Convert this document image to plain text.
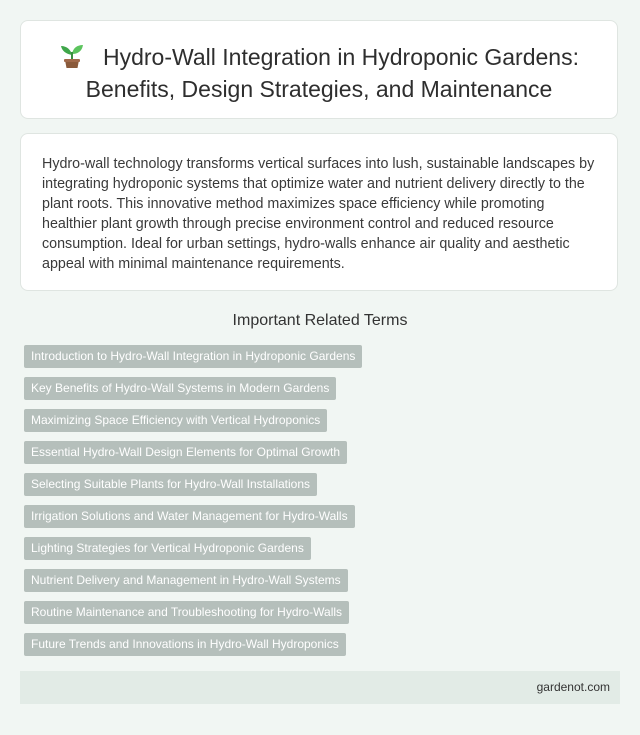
Hydro-Wall Integration in Hydroponic Gardens:
Benefits, Design Strategies, and Maintenance

Hydro-wall technology transforms vertical surfaces into lush, sustainable landscapes by integrating hydroponic systems that optimize water and nutrient delivery directly to the plant roots. This innovative method maximizes space efficiency while promoting healthier plant growth through precise environment control and reduced resource consumption. Ideal for urban settings, hydro-walls enhance air quality and aesthetic appeal with minimal maintenance requirements.

Important Related Terms
Introduction to Hydro-Wall Integration in Hydroponic Gardens
Key Benefits of Hydro-Wall Systems in Modern Gardens
Maximizing Space Efficiency with Vertical Hydroponics
Essential Hydro-Wall Design Elements for Optimal Growth
Selecting Suitable Plants for Hydro-Wall Installations
Irrigation Solutions and Water Management for Hydro-Walls
Lighting Strategies for Vertical Hydroponic Gardens
Nutrient Delivery and Management in Hydro-Wall Systems
Routine Maintenance and Troubleshooting for Hydro-Walls
Future Trends and Innovations in Hydro-Wall Hydroponics
gardenot.com
